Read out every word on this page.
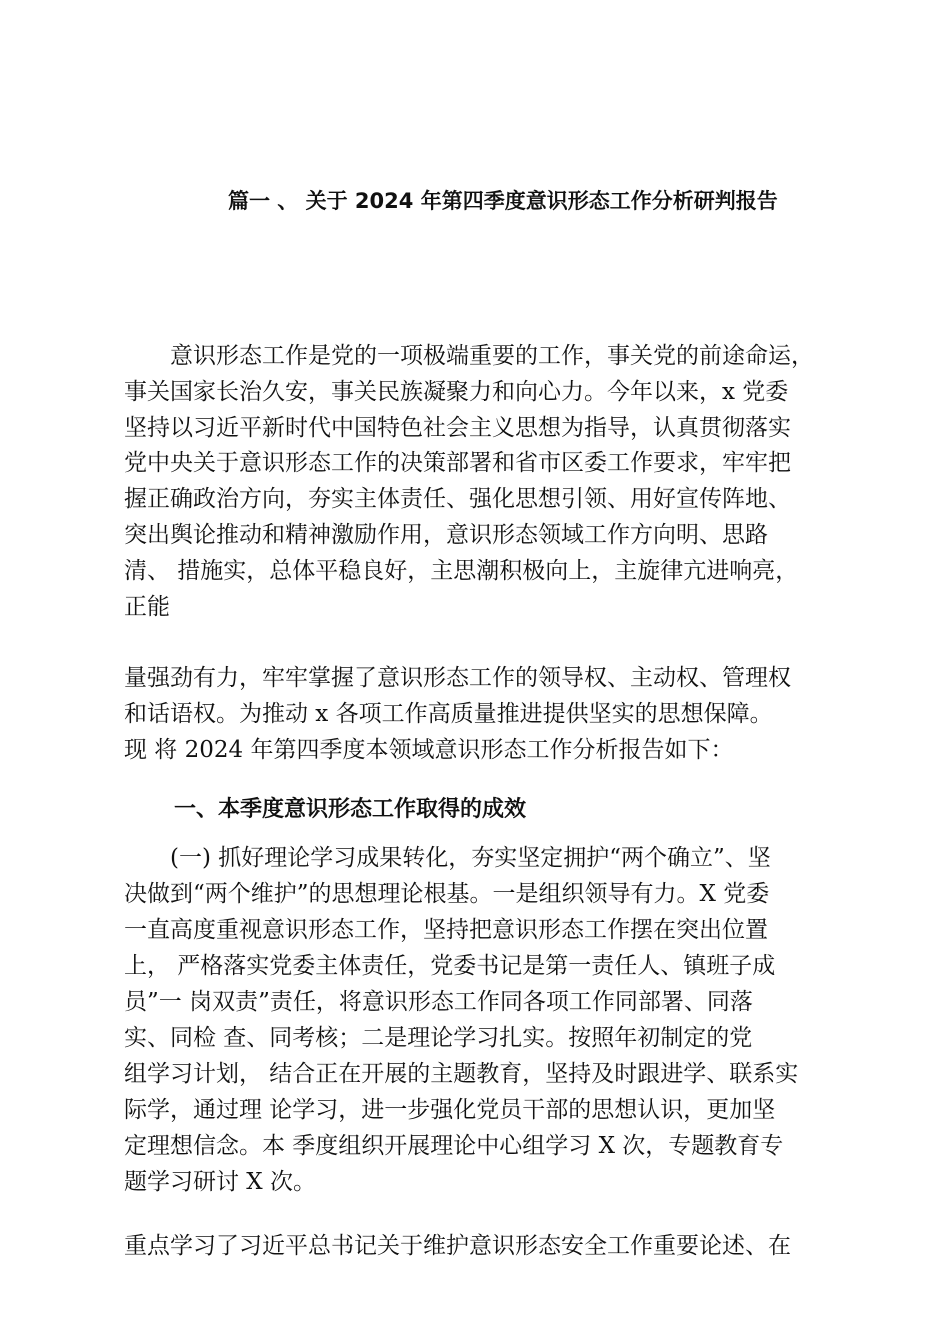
篇一 、 关于 2024 年第四季度意识形态工作分析研判报告
　　意识形态工作是党的一项极端重要的工作，事关党的前途命运，
事关国家长治久安，事关民族凝聚力和向心力。今年以来，x 党委
坚持以习近平新时代中国特色社会主义思想为指导，认真贯彻落实
党中央关于意识形态工作的决策部署和省市区委工作要求，牢牢把
握正确政治方向，夯实主体责任、强化思想引领、用好宣传阵地、
突出舆论推动和精神激励作用，意识形态领域工作方向明、思路
清、 措施实，总体平稳良好，主思潮积极向上，主旋律亢进响亮，
正能
量强劲有力，牢牢掌握了意识形态工作的领导权、主动权、管理权
和话语权。为推动 x 各项工作高质量推进提供坚实的思想保障。
现 将 2024 年第四季度本领域意识形态工作分析报告如下：
一、本季度意识形态工作取得的成效
　　(一) 抓好理论学习成果转化，夯实坚定拥护“两个确立”、坚
决做到“两个维护”的思想理论根基。一是组织领导有力。X 党委
一直高度重视意识形态工作，坚持把意识形态工作摆在突出位置
上， 严格落实党委主体责任，党委书记是第一责任人、镇班子成
员”一 岗双责”责任，将意识形态工作同各项工作同部署、同落
实、同检 查、同考核；二是理论学习扎实。按照年初制定的党
组学习计划， 结合正在开展的主题教育，坚持及时跟进学、联系实
际学，通过理 论学习，进一步强化党员干部的思想认识，更加坚
定理想信念。本 季度组织开展理论中心组学习 X 次，专题教育专
题学习研讨 X 次。
重点学习了习近平总书记关于维护意识形态安全工作重要论述、在
